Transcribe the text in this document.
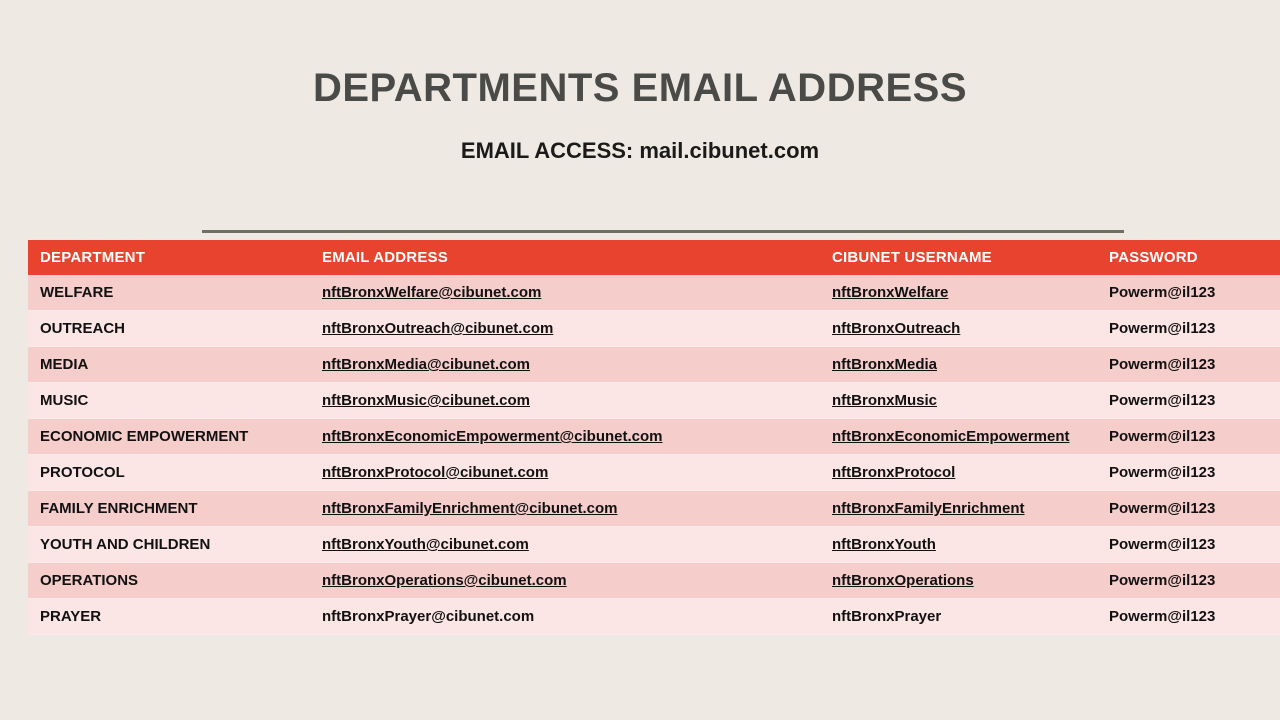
DEPARTMENTS EMAIL ADDRESS
EMAIL ACCESS: mail.cibunet.com
DEPARTMENT	EMAIL ADDRESS	CIBUNET USERNAME	PASSWORD
WELFARE	nftBronxWelfare@cibunet.com	nftBronxWelfare	Powerm@il123
OUTREACH	nftBronxOutreach@cibunet.com	nftBronxOutreach	Powerm@il123
MEDIA	nftBronxMedia@cibunet.com	nftBronxMedia	Powerm@il123
MUSIC	nftBronxMusic@cibunet.com	nftBronxMusic	Powerm@il123
ECONOMIC EMPOWERMENT	nftBronxEconomicEmpowerment@cibunet.com	nftBronxEconomicEmpowerment	Powerm@il123
PROTOCOL	nftBronxProtocol@cibunet.com	nftBronxProtocol	Powerm@il123
FAMILY ENRICHMENT	nftBronxFamilyEnrichment@cibunet.com	nftBronxFamilyEnrichment	Powerm@il123
YOUTH AND CHILDREN	nftBronxYouth@cibunet.com	nftBronxYouth	Powerm@il123
OPERATIONS	nftBronxOperations@cibunet.com	nftBronxOperations	Powerm@il123
PRAYER	nftBronxPrayer@cibunet.com	nftBronxPrayer	Powerm@il123
